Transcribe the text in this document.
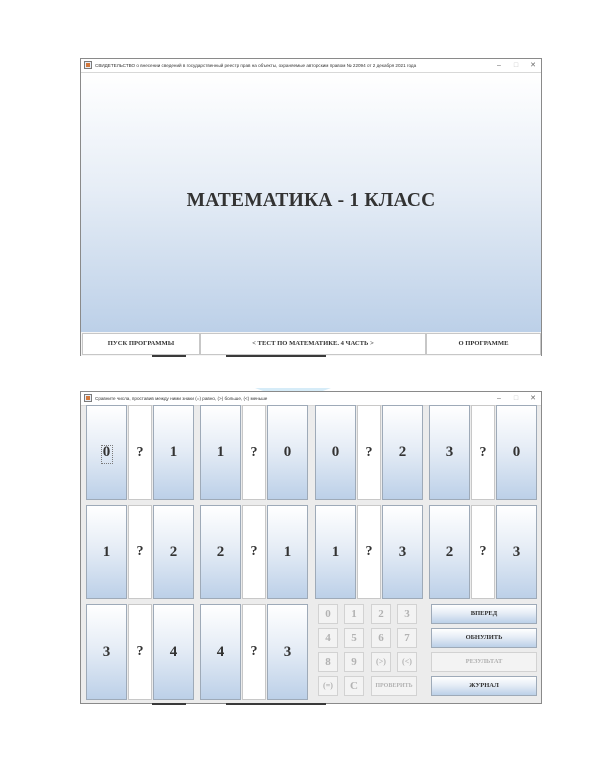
СВИДЕТЕЛЬСТВО о внесении сведений в государственный реестр прав на объекты, охраняемые авторским правом № 22094 от 2 декабря 2021 года	–	□	✕
МАТЕМАТИКА - 1 КЛАСС
ПУСК ПРОГРАММЫ	< ТЕСТ ПО МАТЕМАТИКЕ. 4 ЧАСТЬ >	О ПРОГРАММЕ
Сравните числа, проставив между ними знаки (=) равно, (>) больше, (<) меньше	–	□	✕
0	?	1	1	?	0	0	?	2	3	?	0
1	?	2	2	?	1	1	?	3	2	?	3
3	?	4	4	?	3
0	1	2	3
4	5	6	7
8	9	(>)	(<)
(=)	С	ПРОВЕРИТЬ
ВПЕРЕД
ОБНУЛИТЬ
РЕЗУЛЬТАТ
ЖУРНАЛ
